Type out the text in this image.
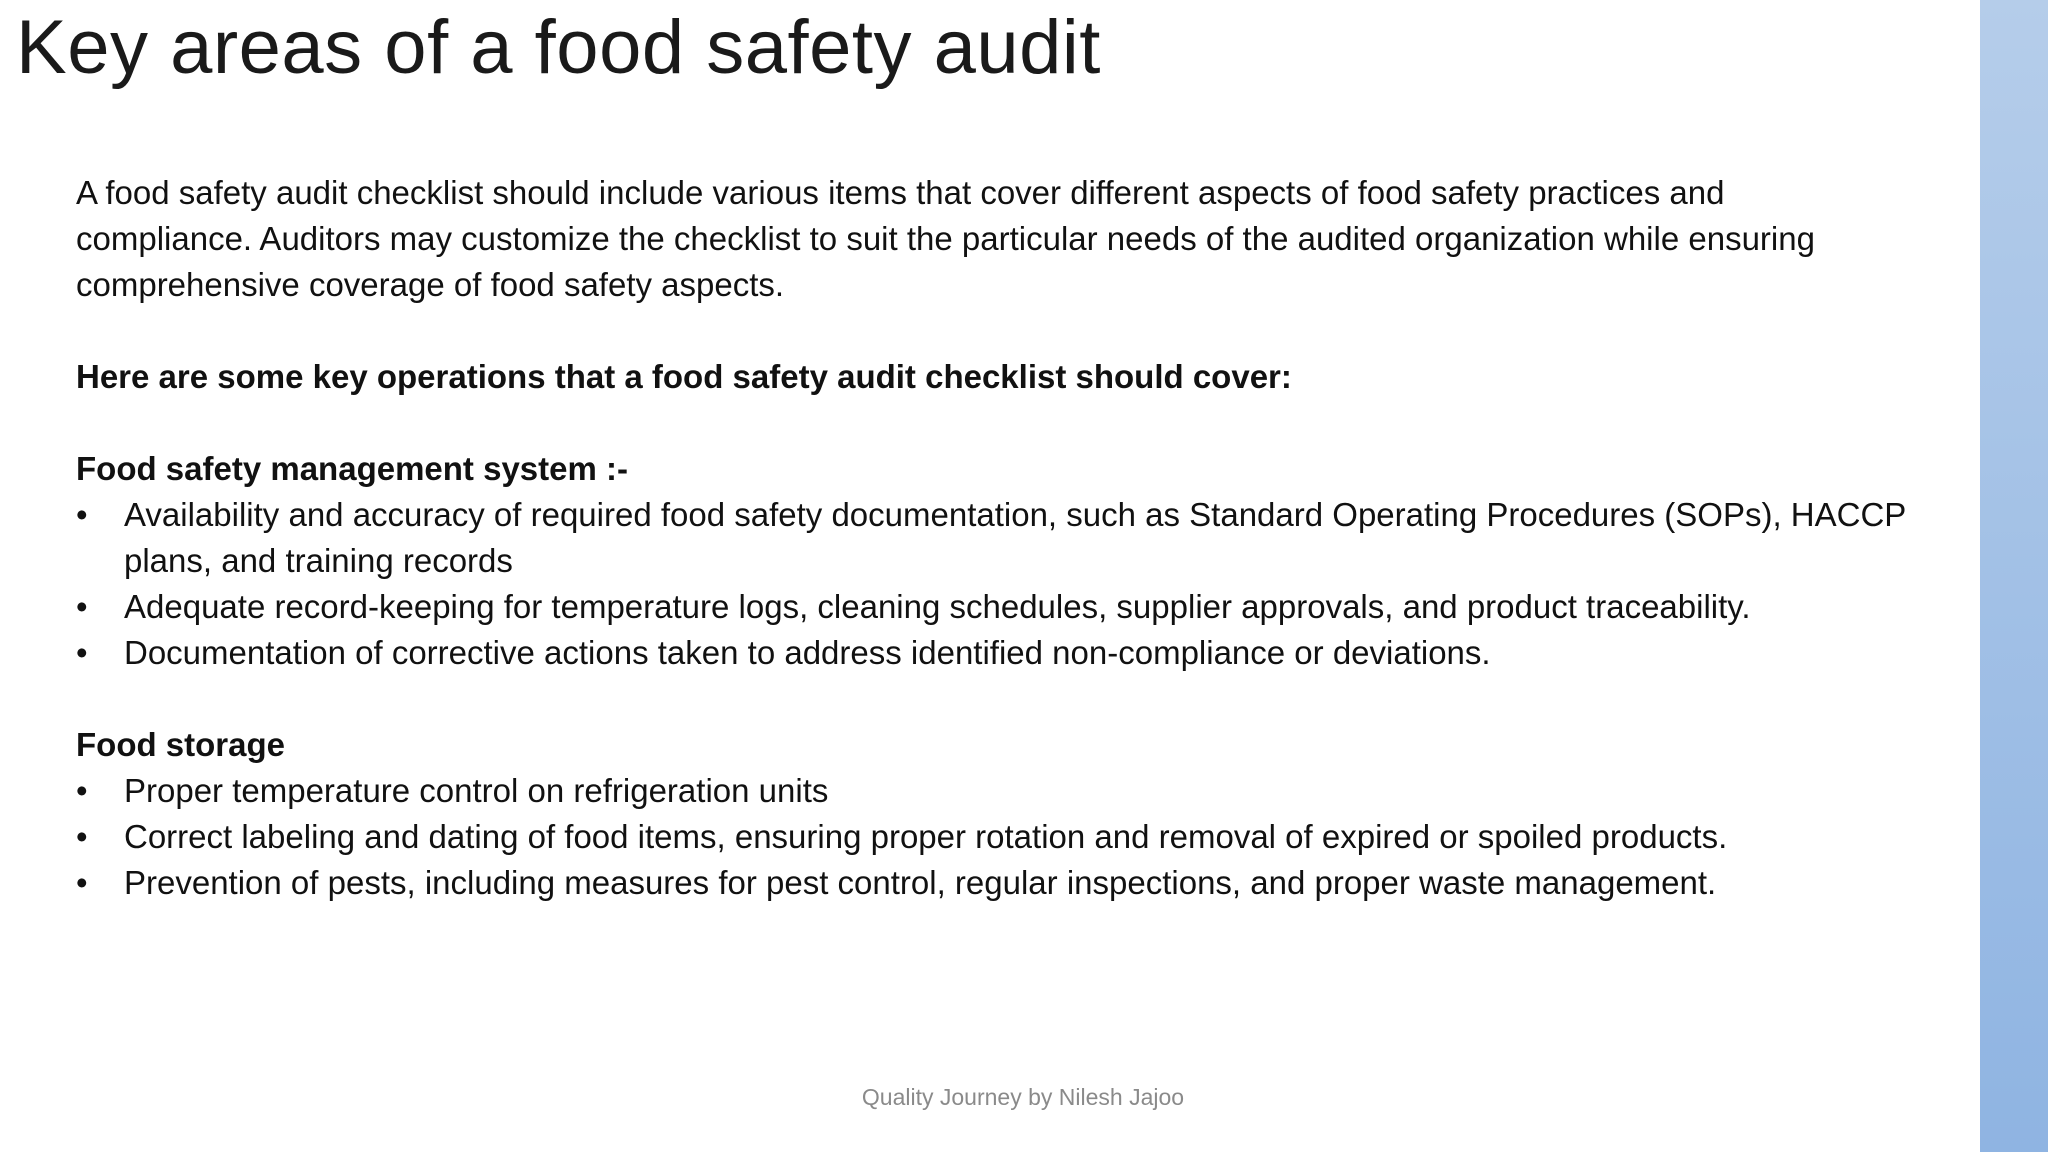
Key areas of a food safety audit

A food safety audit checklist should include various items that cover different aspects of food safety practices and compliance. Auditors may customize the checklist to suit the particular needs of the audited organization while ensuring comprehensive coverage of food safety aspects.

Here are some key operations that a food safety audit checklist should cover:

Food safety management system :-

•	Availability and accuracy of required food safety documentation, such as Standard Operating Procedures (SOPs), HACCP plans, and training records
•	Adequate record-keeping for temperature logs, cleaning schedules, supplier approvals, and product traceability.
•	Documentation of corrective actions taken to address identified non-compliance or deviations.

Food storage

•	Proper temperature control on refrigeration units
•	Correct labeling and dating of food items, ensuring proper rotation and removal of expired or spoiled products.
•	Prevention of pests, including measures for pest control, regular inspections, and proper waste management.
Quality Journey by Nilesh Jajoo
